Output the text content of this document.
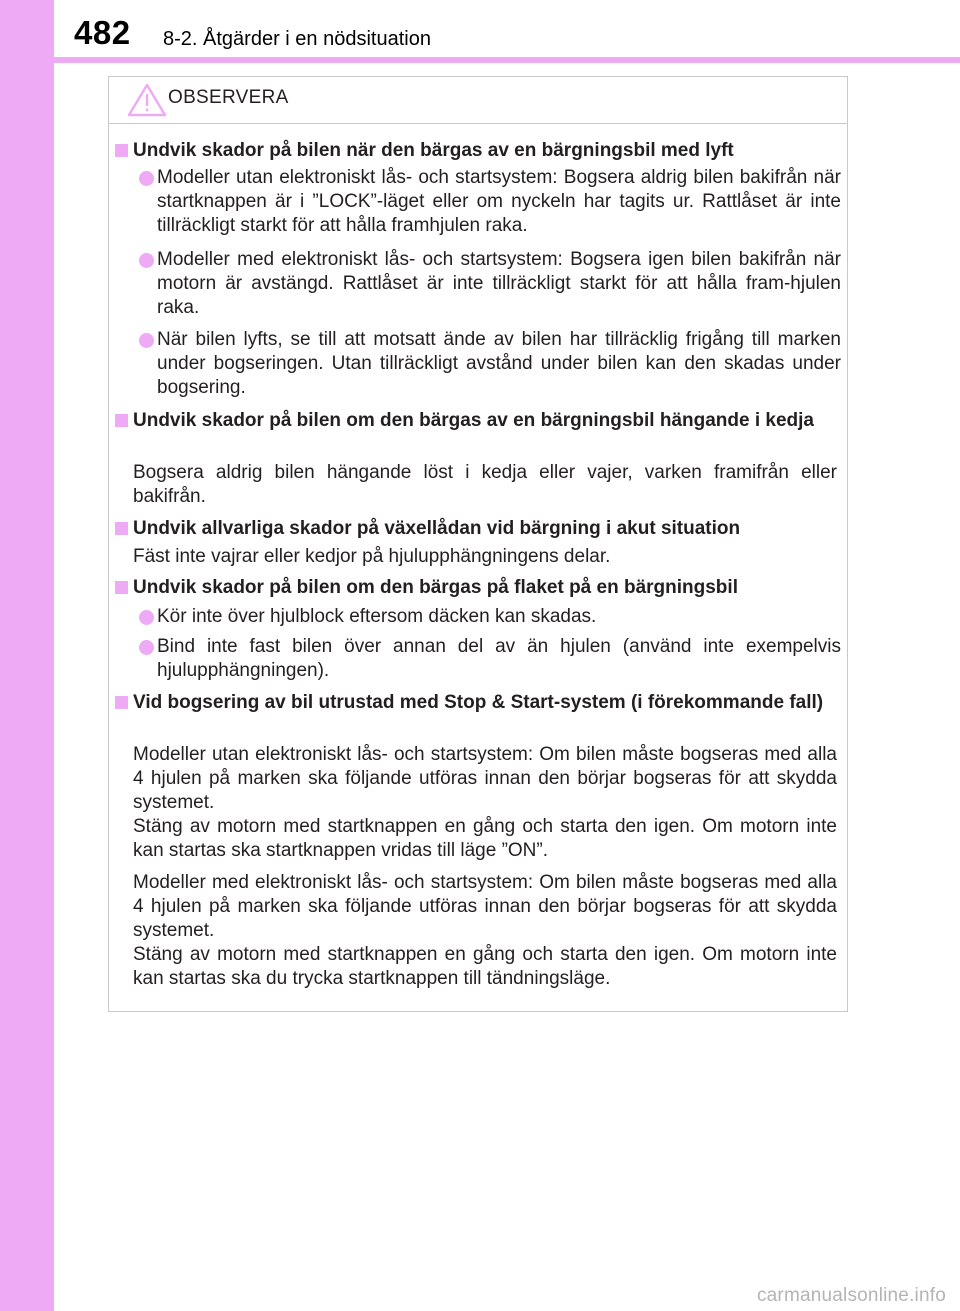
482 8-2. Åtgärder i en nödsituation
OBSERVERA
Undvik skador på bilen när den bärgas av en bärgningsbil med lyft
Modeller utan elektroniskt lås- och startsystem: Bogsera aldrig bilen bakifrån när startknappen är i ”LOCK”-läget eller om nyckeln har tagits ur. Rattlåset är inte tillräckligt starkt för att hålla framhjulen raka.
Modeller med elektroniskt lås- och startsystem: Bogsera igen bilen bakifrån när motorn är avstängd. Rattlåset är inte tillräckligt starkt för att hålla fram-hjulen raka.
När bilen lyfts, se till att motsatt ände av bilen har tillräcklig frigång till marken under bogseringen. Utan tillräckligt avstånd under bilen kan den skadas under bogsering.
Undvik skador på bilen om den bärgas av en bärgningsbil hängande i kedja
Bogsera aldrig bilen hängande löst i kedja eller vajer, varken framifrån eller bakifrån.
Undvik allvarliga skador på växellådan vid bärgning i akut situation
Fäst inte vajrar eller kedjor på hjulupphängningens delar.
Undvik skador på bilen om den bärgas på flaket på en bärgningsbil
Kör inte över hjulblock eftersom däcken kan skadas.
Bind inte fast bilen över annan del av än hjulen (använd inte exempelvis hjulupphängningen).
Vid bogsering av bil utrustad med Stop & Start-system (i förekommande fall)
Modeller utan elektroniskt lås- och startsystem: Om bilen måste bogseras med alla 4 hjulen på marken ska följande utföras innan den börjar bogseras för att skydda systemet.
Stäng av motorn med startknappen en gång och starta den igen. Om motorn inte kan startas ska startknappen vridas till läge ”ON”.
Modeller med elektroniskt lås- och startsystem: Om bilen måste bogseras med alla 4 hjulen på marken ska följande utföras innan den börjar bogseras för att skydda systemet.
Stäng av motorn med startknappen en gång och starta den igen. Om motorn inte kan startas ska du trycka startknappen till tändningsläge.
carmanualsonline.info
